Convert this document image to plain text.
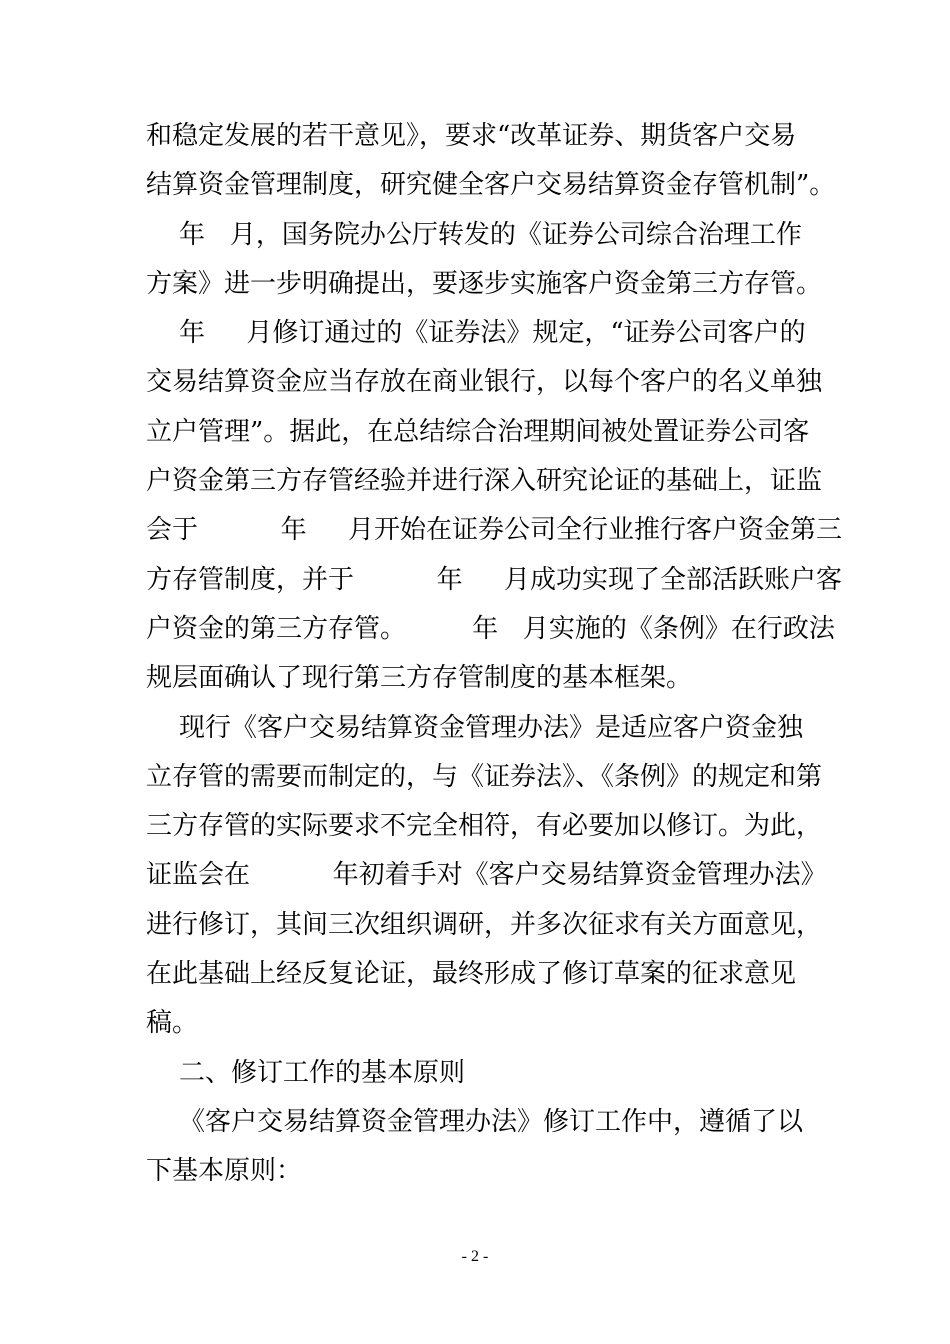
和稳定发展的若干意见》，要求“改革证券、期货客户交易
结算资金管理制度，研究健全客户交易结算资金存管机制”。
年   月，国务院办公厅转发的《证券公司综合治理工作
方案》进一步明确提出，要逐步实施客户资金第三方存管。
年     月修订通过的《证券法》规定，“证券公司客户的
交易结算资金应当存放在商业银行，以每个客户的名义单独
立户管理”。据此，在总结综合治理期间被处置证券公司客
户资金第三方存管经验并进行深入研究论证的基础上，证监
会于          年     月开始在证券公司全行业推行客户资金第三
方存管制度，并于          年     月成功实现了全部活跃账户客
户资金的第三方存管。        年   月实施的《条例》在行政法
规层面确认了现行第三方存管制度的基本框架。
现行《客户交易结算资金管理办法》是适应客户资金独
立存管的需要而制定的，与《证券法》、《条例》的规定和第
三方存管的实际要求不完全相符，有必要加以修订。为此，
证监会在          年初着手对《客户交易结算资金管理办法》
进行修订，其间三次组织调研，并多次征求有关方面意见，
在此基础上经反复论证，最终形成了修订草案的征求意见
稿。
二、修订工作的基本原则
《客户交易结算资金管理办法》修订工作中，遵循了以
下基本原则：
- 2 -
